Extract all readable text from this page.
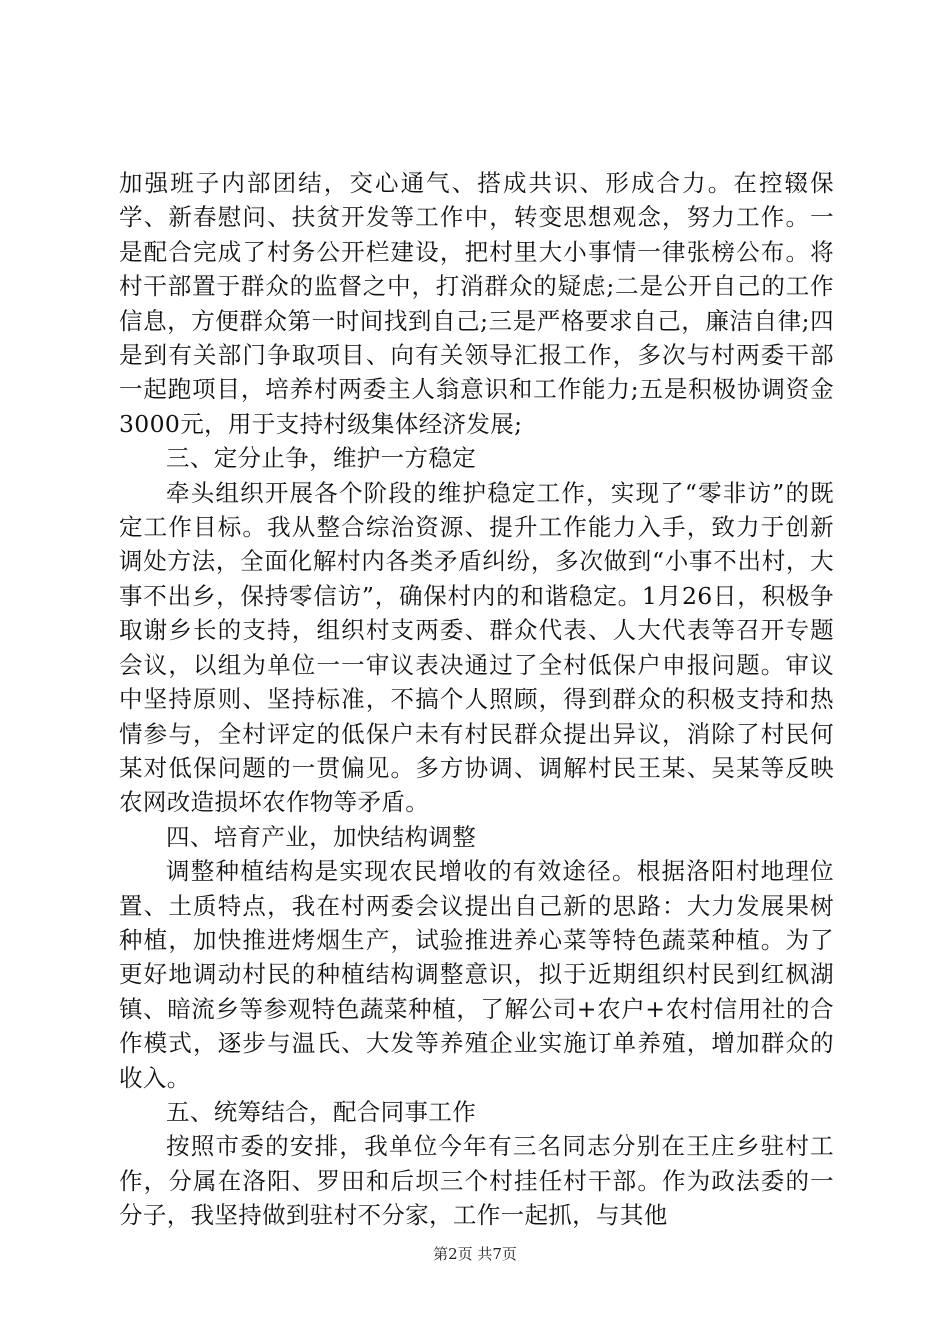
加强班子内部团结，交心通气、搭成共识、形成合力。在控辍保学、新春慰问、扶贫开发等工作中，转变思想观念，努力工作。一是配合完成了村务公开栏建设，把村里大小事情一律张榜公布。将村干部置于群众的监督之中，打消群众的疑虑;二是公开自己的工作信息，方便群众第一时间找到自己;三是严格要求自己，廉洁自律;四是到有关部门争取项目、向有关领导汇报工作，多次与村两委干部一起跑项目，培养村两委主人翁意识和工作能力;五是积极协调资金3000元，用于支持村级集体经济发展;

三、定分止争，维护一方稳定

牵头组织开展各个阶段的维护稳定工作，实现了“零非访”的既定工作目标。我从整合综治资源、提升工作能力入手，致力于创新调处方法，全面化解村内各类矛盾纠纷，多次做到“小事不出村，大事不出乡，保持零信访”，确保村内的和谐稳定。1月26日，积极争取谢乡长的支持，组织村支两委、群众代表、人大代表等召开专题会议，以组为单位一一审议表决通过了全村低保户申报问题。审议中坚持原则、坚持标准，不搞个人照顾，得到群众的积极支持和热情参与，全村评定的低保户未有村民群众提出异议，消除了村民何某对低保问题的一贯偏见。多方协调、调解村民王某、吴某等反映农网改造损坏农作物等矛盾。

四、培育产业，加快结构调整

调整种植结构是实现农民增收的有效途径。根据洛阳村地理位置、土质特点，我在村两委会议提出自己新的思路：大力发展果树种植，加快推进烤烟生产，试验推进养心菜等特色蔬菜种植。为了更好地调动村民的种植结构调整意识，拟于近期组织村民到红枫湖镇、暗流乡等参观特色蔬菜种植，了解公司+农户+农村信用社的合作模式，逐步与温氏、大发等养殖企业实施订单养殖，增加群众的收入。

五、统筹结合，配合同事工作

按照市委的安排，我单位今年有三名同志分别在王庄乡驻村工作，分属在洛阳、罗田和后坝三个村挂任村干部。作为政法委的一分子，我坚持做到驻村不分家，工作一起抓，与其他

第2页 共7页
